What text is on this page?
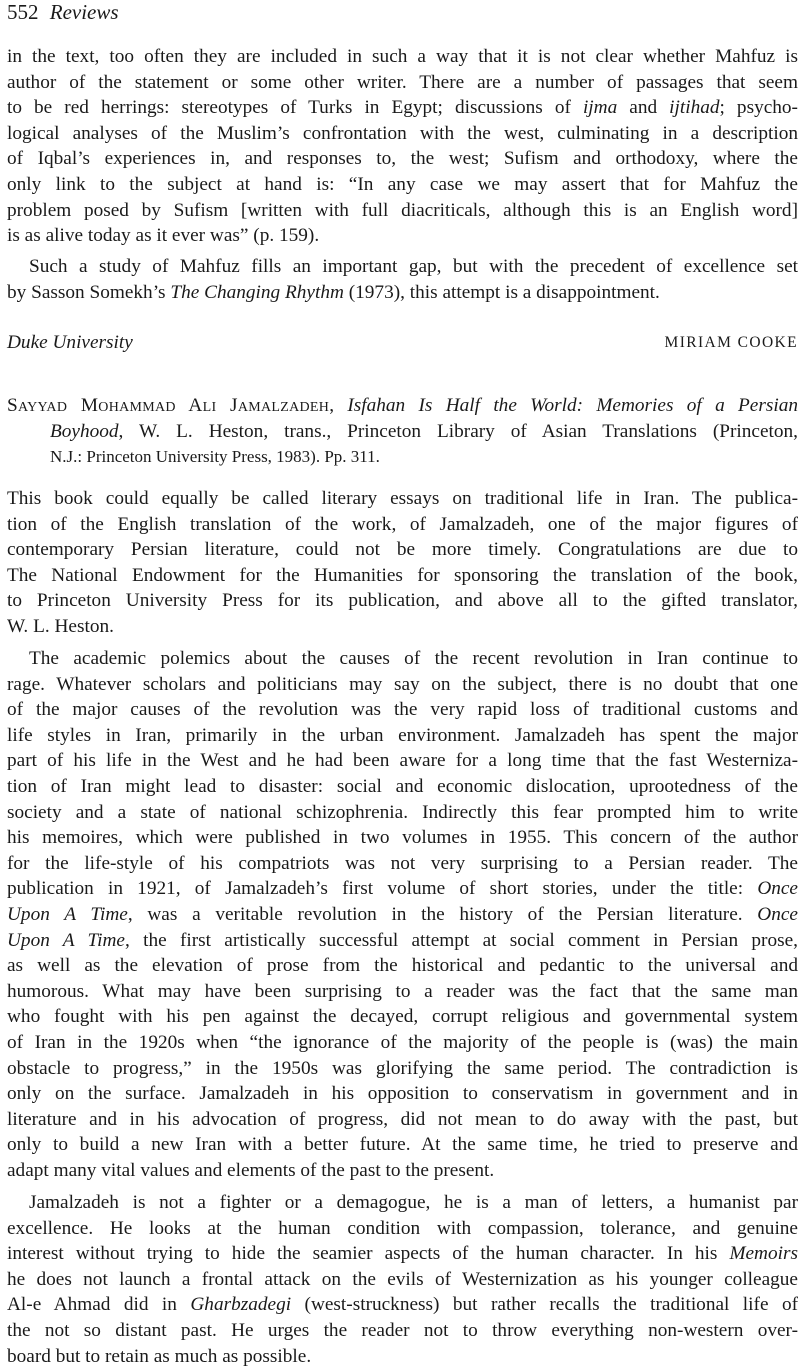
552 Reviews
in the text, too often they are included in such a way that it is not clear whether Mahfuz is
author of the statement or some other writer. There are a number of passages that seem
to be red herrings: stereotypes of Turks in Egypt; discussions of ijma and ijtihad; psycho-
logical analyses of the Muslim’s confrontation with the west, culminating in a description
of Iqbal’s experiences in, and responses to, the west; Sufism and orthodoxy, where the
only link to the subject at hand is: “In any case we may assert that for Mahfuz the
problem posed by Sufism [written with full diacriticals, although this is an English word]
is as alive today as it ever was” (p. 159).
Such a study of Mahfuz fills an important gap, but with the precedent of excellence set
by Sasson Somekh’s The Changing Rhythm (1973), this attempt is a disappointment.
Duke University	MIRIAM COOKE
Sayyad Mohammad Ali Jamalzadeh, Isfahan Is Half the World: Memories of a Persian
Boyhood, W. L. Heston, trans., Princeton Library of Asian Translations (Princeton,
N.J.: Princeton University Press, 1983). Pp. 311.
This book could equally be called literary essays on traditional life in Iran. The publica-
tion of the English translation of the work, of Jamalzadeh, one of the major figures of
contemporary Persian literature, could not be more timely. Congratulations are due to
The National Endowment for the Humanities for sponsoring the translation of the book,
to Princeton University Press for its publication, and above all to the gifted translator,
W. L. Heston.
The academic polemics about the causes of the recent revolution in Iran continue to
rage. Whatever scholars and politicians may say on the subject, there is no doubt that one
of the major causes of the revolution was the very rapid loss of traditional customs and
life styles in Iran, primarily in the urban environment. Jamalzadeh has spent the major
part of his life in the West and he had been aware for a long time that the fast Westerniza-
tion of Iran might lead to disaster: social and economic dislocation, uprootedness of the
society and a state of national schizophrenia. Indirectly this fear prompted him to write
his memoires, which were published in two volumes in 1955. This concern of the author
for the life-style of his compatriots was not very surprising to a Persian reader. The
publication in 1921, of Jamalzadeh’s first volume of short stories, under the title: Once
Upon A Time, was a veritable revolution in the history of the Persian literature. Once
Upon A Time, the first artistically successful attempt at social comment in Persian prose,
as well as the elevation of prose from the historical and pedantic to the universal and
humorous. What may have been surprising to a reader was the fact that the same man
who fought with his pen against the decayed, corrupt religious and governmental system
of Iran in the 1920s when “the ignorance of the majority of the people is (was) the main
obstacle to progress,” in the 1950s was glorifying the same period. The contradiction is
only on the surface. Jamalzadeh in his opposition to conservatism in government and in
literature and in his advocation of progress, did not mean to do away with the past, but
only to build a new Iran with a better future. At the same time, he tried to preserve and
adapt many vital values and elements of the past to the present.
Jamalzadeh is not a fighter or a demagogue, he is a man of letters, a humanist par
excellence. He looks at the human condition with compassion, tolerance, and genuine
interest without trying to hide the seamier aspects of the human character. In his Memoirs
he does not launch a frontal attack on the evils of Westernization as his younger colleague
Al-e Ahmad did in Gharbzadegi (west-struckness) but rather recalls the traditional life of
the not so distant past. He urges the reader not to throw everything non-western over-
board but to retain as much as possible.
